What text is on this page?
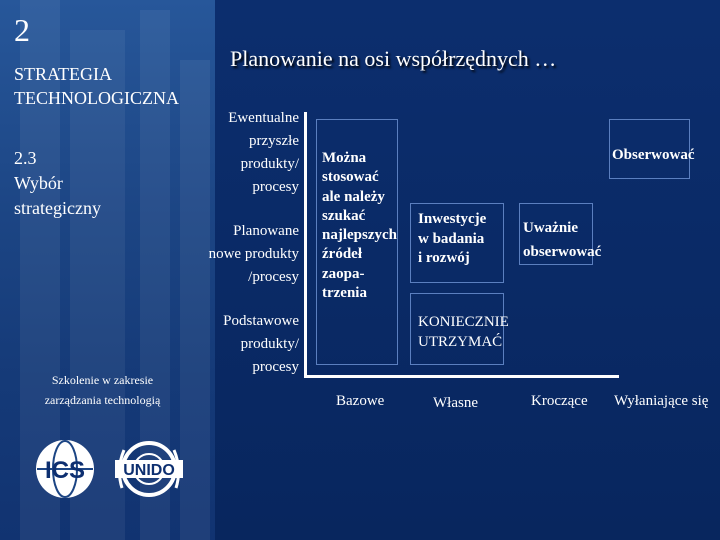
2
STRATEGIA
TECHNOLOGICZNA
2.3
Wybór
strategiczny
Szkolenie w zakresie
zarządzania technologią
ICS UNIDO
Planowanie na osi współrzędnych …
Ewentualne
przyszłe
produkty/
procesy
Planowane
nowe produkty
/procesy
Podstawowe
produkty/
procesy
Bazowe	Własne	Kroczące Wyłaniające się
Można
stosować
ale należy
szukać
najlepszych
źródeł
zaopa-
trzenia
Inwestycje
w badania
i rozwój
KONIECZNIE
UTRZYMAĆ
Uważnie
obserwować
Obserwować
